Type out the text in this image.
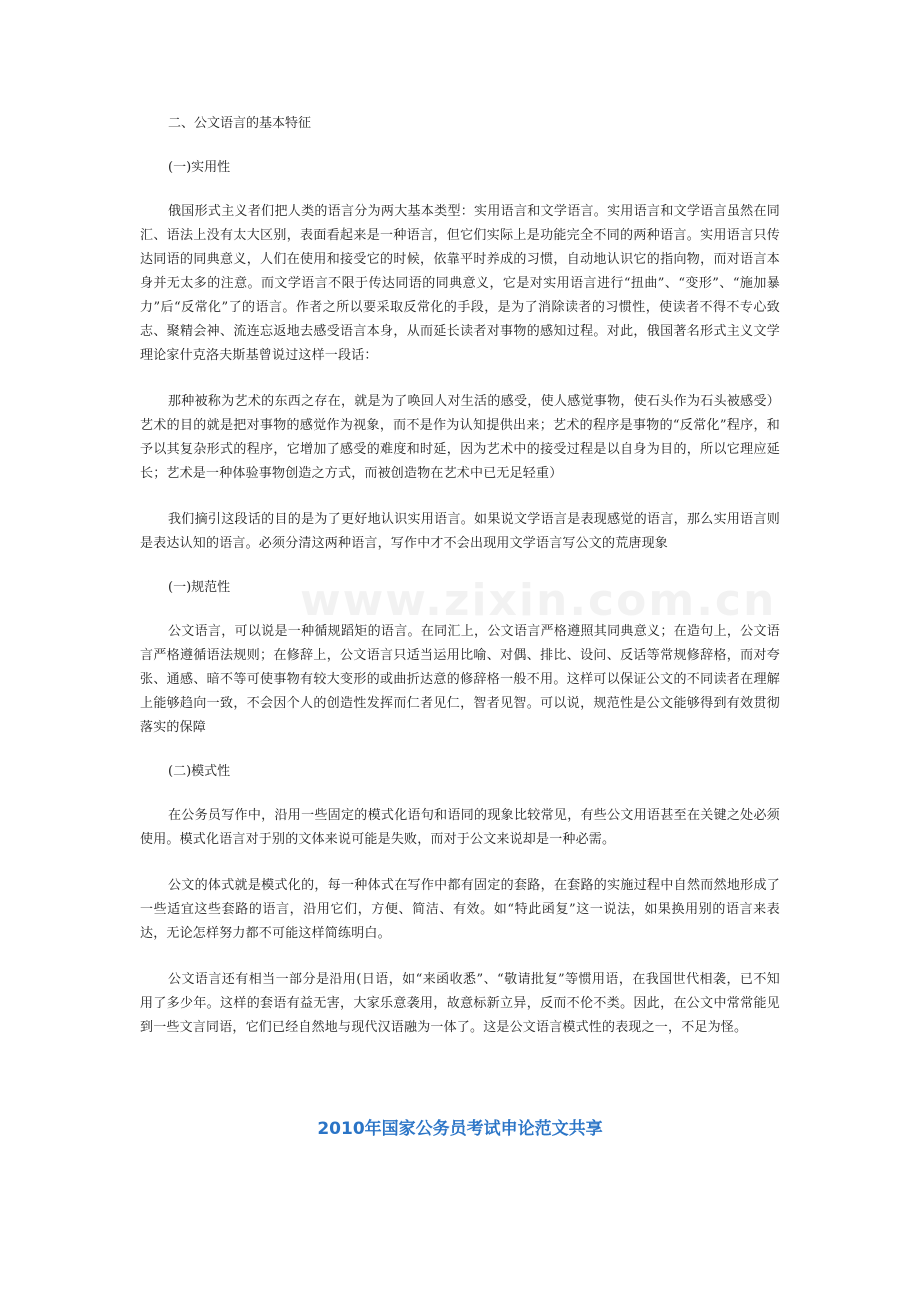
www.zixin.com.cn

二、公文语言的基本特征

(一)实用性

俄国形式主义者们把人类的语言分为两大基本类型：实用语言和文学语言。实用语言和文学语言虽然在同汇、语法上没有太大区别，表面看起来是一种语言，但它们实际上是功能完全不同的两种语言。实用语言只传达同语的同典意义，人们在使用和接受它的时候，依靠平时养成的习惯，自动地认识它的指向物，而对语言本身并无太多的注意。而文学语言不限于传达同语的同典意义，它是对实用语言进行“扭曲”、“变形”、“施加暴力”后“反常化”了的语言。作者之所以要采取反常化的手段，是为了消除读者的习惯性，使读者不得不专心致志、聚精会神、流连忘返地去感受语言本身，从而延长读者对事物的感知过程。对此，俄国著名形式主义文学理论家什克洛夫斯基曾说过这样一段话：

那种被称为艺术的东西之存在，就是为了唤回人对生活的感受，使人感觉事物，使石头作为石头被感受）艺术的目的就是把对事物的感觉作为视象，而不是作为认知提供出来；艺术的程序是事物的“反常化”程序，和予以其复杂形式的程序，它增加了感受的难度和时延，因为艺术中的接受过程是以自身为目的，所以它理应延长；艺术是一种体验事物创造之方式，而被创造物在艺术中已无足轻重）

我们摘引这段话的目的是为了更好地认识实用语言。如果说文学语言是表现感觉的语言，那么实用语言则是表达认知的语言。必须分清这两种语言，写作中才不会出现用文学语言写公文的荒唐现象

(一)规范性

公文语言，可以说是一种循规蹈矩的语言。在同汇上，公文语言严格遵照其同典意义；在造句上，公文语言严格遵循语法规则；在修辞上，公文语言只适当运用比喻、对偶、排比、设问、反话等常规修辞格，而对夸张、通感、暗不等可使事物有较大变形的或曲折达意的修辞格一般不用。这样可以保证公文的不同读者在理解上能够趋向一致，不会因个人的创造性发挥而仁者见仁，智者见智。可以说，规范性是公文能够得到有效贯彻落实的保障

(二)模式性

在公务员写作中，沿用一些固定的模式化语句和语同的现象比较常见，有些公文用语甚至在关键之处必须使用。模式化语言对于别的文体来说可能是失败，而对于公文来说却是一种必需。

公文的体式就是模式化的，每一种体式在写作中都有固定的套路，在套路的实施过程中自然而然地形成了一些适宜这些套路的语言，沿用它们，方便、简洁、有效。如“特此函复”这一说法，如果换用别的语言来表达，无论怎样努力都不可能这样简练明白。

公文语言还有相当一部分是沿用(日语，如“来函收悉”、“敬请批复”等惯用语，在我国世代相袭，已不知用了多少年。这样的套语有益无害，大家乐意袭用，故意标新立异，反而不伦不类。因此，在公文中常常能见到一些文言同语，它们已经自然地与现代汉语融为一体了。这是公文语言模式性的表现之一，不足为怪。

2010年国家公务员考试申论范文共享
